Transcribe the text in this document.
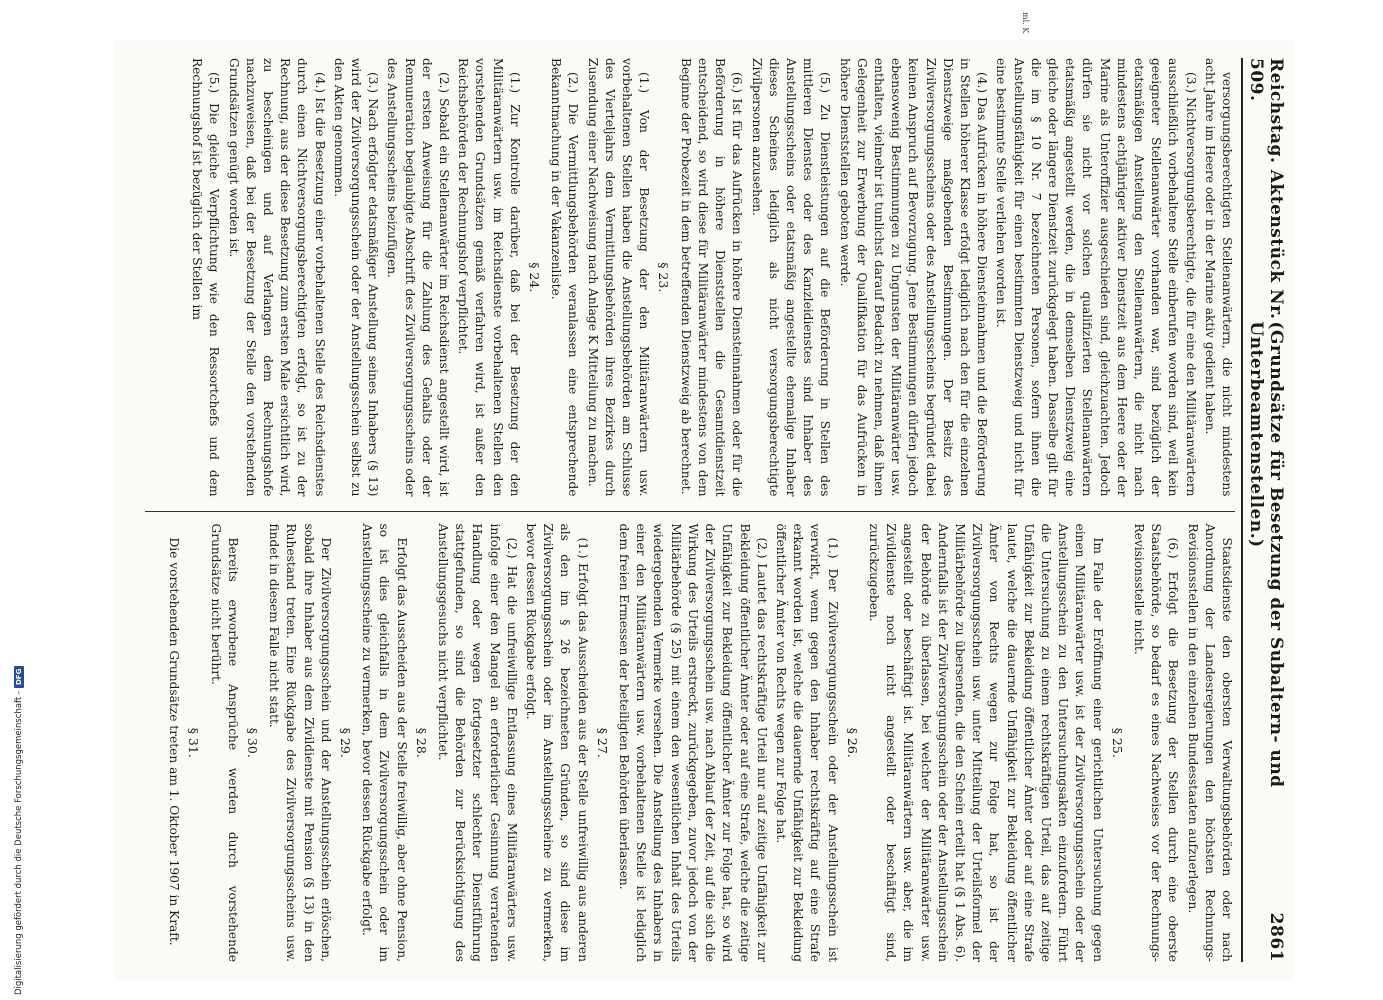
Reichstag. Aktenstück Nr. 509.
(Grundsätze für Besetzung der Subaltern- und Unterbeamtenstellen.)
2861

versorgungsberechtigten Stellenanwärtern, die nicht mindestens acht Jahre im Heere oder in der Marine aktiv gedient haben.

(3.) Nichtversorgungsberechtigte, die für eine den Militäranwärtern ausschließlich vorbehaltene Stelle einberufen worden sind, weil kein geeigneter Stellenanwärter vorhanden war, sind bezüglich der etatsmäßigen Anstellung den Stellenanwärtern, die nicht nach mindestens achtjähriger aktiver Dienstzeit aus dem Heere oder der Marine als Unteroffizier ausgeschieden sind, gleichzuachten. Jedoch dürfen sie nicht vor solchen qualifizierten Stellenanwärtern etatsmäßig angestellt werden, die in demselben Dienstzweig eine gleiche oder längere Dienstzeit zurückgelegt haben. Dasselbe gilt für die im § 10 Nr. 7 bezeichneten Personen, sofern ihnen die Anstellungsfähigkeit für einen bestimmten Dienstzweig und nicht für eine bestimmte Stelle verliehen worden ist.

(4.) Das Aufrücken in höhere Diensteinnahmen und die Beförderung in Stellen höherer Klasse erfolgt lediglich nach den für die einzelnen Dienstzweige maßgebenden Bestimmungen. Der Besitz des Zivilversorgungsscheins oder des Anstellungsscheins begründet dabei keinen Anspruch auf Bevorzugung. Jene Bestimmungen dürfen jedoch ebensowenig Bestimmungen zu Ungunsten der Militäranwärter usw. enthalten, vielmehr ist tunlichst darauf Bedacht zu nehmen, daß ihnen Gelegenheit zur Erwerbung der Qualifikation für das Aufrücken in höhere Dienststellen geboten werde.

(5.) Zu Dienstleistungen auf die Beförderung in Stellen des mittleren Dienstes oder des Kanzleidienstes sind Inhaber des Anstellungsscheins oder etatsmäßig angestellte ehemalige Inhaber dieses Scheines lediglich als nicht versorgungsberechtigte Zivilpersonen anzusehen.

(6.) Ist für das Aufrücken in höhere Diensteinnahmen oder für die Beförderung in höhere Dienststellen die Gesamtdienstzeit entscheidend, so wird diese für Militäranwärter mindestens von dem Beginne der Probezeit in dem betreffenden Dienstzweig ab berechnet.

§ 23.

(1.) Von der Besetzung der den Militäranwärtern usw. vorbehaltenen Stellen haben die Anstellungsbehörden am Schlusse des Vierteljahrs dem Vermittlungsbehörden ihres Bezirkes durch Zusendung einer Nachweisung nach Anlage K Mitteilung zu machen.

(2.) Die Vermittlungsbehörden veranlassen eine entsprechende Bekanntmachung in der Vakanzenliste.

§ 24.

(1.) Zur Kontrolle darüber, daß bei der Besetzung der den Militäranwärtern usw. im Reichsdienste vorbehaltenen Stellen den vorstehenden Grundsätzen gemäß verfahren wird, ist außer den Reichsbehörden der Rechnungshof verpflichtet.

(2.) Sobald ein Stellenanwärter im Reichsdienst angestellt wird, ist der ersten Anweisung für die Zahlung des Gehalts oder der Remuneration beglaubigte Abschrift des Zivilversorgungsscheins oder des Anstellungsscheins beizufügen.

(3.) Nach erfolgter etatsmäßiger Anstellung seines Inhabers (§ 13) wird der Zivilversorgungsschein oder der Anstellungsschein selbst zu den Akten genommen.

(4.) Ist die Besetzung einer vorbehaltenen Stelle des Reichsdienstes durch einen Nichtversorgungsberechtigten erfolgt, so ist zu der Rechnung, aus der diese Besetzung zum ersten Male ersichtlich wird, zu bescheinigen und auf Verlangen dem Rechnungshofe nachzuweisen, daß bei der Besetzung der Stelle den vorstehenden Grundsätzen genügt worden ist.

(5.) Die gleiche Verpflichtung wie den Ressortchefs und dem Rechnungshof ist bezüglich der Stellen im

Staatsdienste den obersten Verwaltungsbehörden oder nach Anordnung der Landesregierungen den höchsten Rechnungs-Revisionsstellen in den einzelnen Bundesstaaten aufzuerlegen.

(6.) Erfolgt die Besetzung der Stellen durch eine oberste Staatsbehörde, so bedarf es eines Nachweises vor der Rechnungs-Revisionsstelle nicht.

§ 25.

Im Falle der Eröffnung einer gerichtlichen Untersuchung gegen einen Militäranwärter usw. ist der Zivilversorgungsschein oder der Anstellungsschein zu den Untersuchungsakten einzufordern. Führt die Untersuchung zu einem rechtskräftigen Urteil, das auf zeitige Unfähigkeit zur Bekleidung öffentlicher Ämter oder auf eine Strafe lautet, welche die dauernde Unfähigkeit zur Bekleidung öffentlicher Ämter von Rechts wegen zur Folge hat, so ist der Zivilversorgungsschein usw. unter Mitteilung der Urteilsformel der Militärbehörde zu übersenden, die den Schein erteilt hat (§ 1 Abs. 6). Andernfalls ist der Zivilversorgungsschein oder der Anstellungsschein der Behörde zu überlassen, bei welcher der Militäranwärter usw. angestellt oder beschäftigt ist. Militäranwärtern usw. aber, die im Zivildienste noch nicht angestellt oder beschäftigt sind, zurückzugeben.

§ 26.

(1.) Der Zivilversorgungsschein oder der Anstellungsschein ist verwirkt, wenn gegen den Inhaber rechtskräftig auf eine Strafe erkannt worden ist, welche die dauernde Unfähigkeit zur Bekleidung öffentlicher Ämter von Rechts wegen zur Folge hat.

(2.) Lautet das rechtskräftige Urteil nur auf zeitige Unfähigkeit zur Bekleidung öffentlicher Ämter oder auf eine Strafe, welche die zeitige Unfähigkeit zur Bekleidung öffentlicher Ämter zur Folge hat, so wird der Zivilversorgungsschein usw. nach Ablauf der Zeit, auf die sich die Wirkung des Urteils erstreckt, zurückgegeben, zuvor jedoch von der Militärbehörde (§ 25) mit einem den wesentlichen Inhalt des Urteils wiedergebenden Vermerke versehen. Die Anstellung des Inhabers in einer den Militäranwärtern usw. vorbehaltenen Stelle ist lediglich dem freien Ermessen der beteiligten Behörden überlassen.

§ 27.

(1.) Erfolgt das Ausscheiden aus der Stelle unfreiwillig aus anderen als den im § 26 bezeichneten Gründen, so sind diese im Zivilversorgungsschein oder im Anstellungsscheine zu vermerken, bevor dessen Rückgabe erfolgt.

(2.) Hat die unfreiwillige Entlassung eines Militäranwärters usw. infolge einer den Mangel an erforderlicher Gesinnung verratenden Handlung oder wegen fortgesetzter schlechter Dienstführung stattgefunden, so sind die Behörden zur Berücksichtigung des Anstellungsgesuchs nicht verpflichtet.

§ 28.

Erfolgt das Ausscheiden aus der Stelle freiwillig, aber ohne Pension, so ist dies gleichfalls in dem Zivilversorgungsschein oder im Anstellungsscheine zu vermerken, bevor dessen Rückgabe erfolgt.

§ 29.

Der Zivilversorgungsschein und der Anstellungsschein erlöschen, sobald ihre Inhaber aus dem Zivildienste mit Pension (§ 13) in den Ruhestand treten. Eine Rückgabe des Zivilversorgungsscheins usw. findet in diesem Falle nicht statt.

§ 30.

Bereits erworbene Ansprüche werden durch vorstehende Grundsätze nicht berührt.

§ 31.

Die vorstehenden Grundsätze treten am 1. Oktober 1907 in Kraft.

ml. K
Digitalisierung gefördert durch die Deutsche Forschungsgemeinschaft -
DFG
